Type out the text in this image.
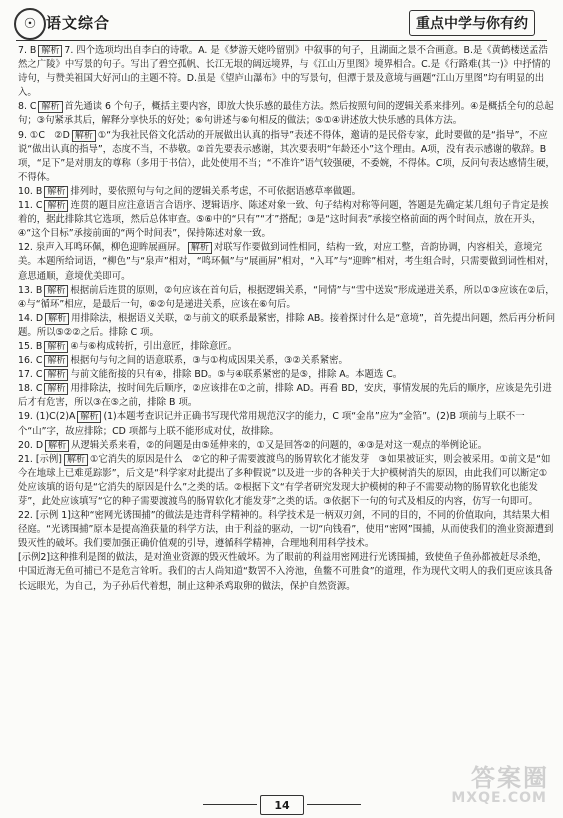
☉ 语文综合	重点中学与你有约

7. B 解析 7. 四个选项均出自李白的诗歌。A. 是《梦游天姥吟留别》中叙事的句子，且湖面之景不合画意。B.是《黄鹤楼送孟浩然之广陵》中写景的句子。写出了碧空孤帆、长江无垠的阔远境界，与《江山万里图》境界相合。C.是《行路难(其一)》中抒情的诗句，与赞美祖国大好河山的主题不符。D.虽是《望庐山瀑布》中的写景句，但潭于景及意境与画题“江山万里图”均有明显的出入。

8. C 解析 首先通读 6 个句子，概括主要内容，即放大快乐感的最佳方法。然后按照句间的逻辑关系来排列。④是概括全句的总起句；③句紧承其后，解释分享快乐的好处；⑥句讲述与⑥句相反的做法；⑤①④讲述放大快乐感的具体方法。

9. ①C　②D 解析 ①“为我社民俗文化活动的开展做出认真的指导”表述不得体，邀请的是民俗专家，此时要做的是“指导”，不应说“做出认真的指导”，态度不当，不恭敬。②首先要表示感谢，其次要表明“年龄还小”这个理由。A项，没有表示感谢的敬辞。B项，“足下”是对朋友的尊称（多用于书信），此处使用不当；“不准许”语气较强硬，不委婉，不得体。C项，反问句表达感情生硬，不得体。

10. B 解析 排列时，要依照句与句之间的逻辑关系考虑，不可依据语感草率做题。

11. C 解析 连贯的题目应注意语言合语序、逻辑语序、陈述对象一致、句子结构对称等问题，答题是先确定某几组句子肯定是挨着的，据此排除其它选项，然后总体审查。⑤⑥中的“只有”“才”搭配；③是“这时间表”承接空格前面的两个时间点，放在开头，④“这个目标”承接前面的“两个时间表”，保持陈述对象一致。

12. 泉声入耳鸣环佩，柳色迎眸展画屏。 解析 对联写作要做到词性相同，结构一致，对应工整，音韵协调，内容相关，意境完美。本题所给词语，“柳色”与“泉声”相对，“鸣环佩”与“展画屏”相对，“入耳”与“迎眸”相对，考生组合时，只需要做到词性相对，意思通顺，意境优美即可。

13. B 解析 根据前后连贯的原则，②句应该在首句后，根据逻辑关系，“同情”与“雪中送炭”形成递进关系，所以①③应该在②后，④与“循环”相应，是最后一句，⑥②句是递进关系，应该在⑥句后。

14. D 解析 用排除法，根据语义关联，②与前文的联系最紧密，排除 AB。接着探讨什么是“意境”，首先提出问题，然后再分析问题。所以⑤②②之后。排除 C 项。

15. B 解析 ④与⑥构成转折，引出意匠，排除意匠。

16. C 解析 根据句与句之间的语意联系，③与①构成因果关系，③②关系紧密。

17. C 解析 与前文能衔接的只有④，排除 BD。⑤与④联系紧密的是⑤，排除 A。本题选 C。

18. C 解析 用排除法，按时间先后顺序，②应该排在①之前，排除 AD。再看 BD，安庆，事情发展的先后的顺序，应该是先引进后才有危害，所以③在⑤之前，排除 B 项。

19. (1)C(2)A 解析 (1)本题考查识记并正确书写现代常用规范汉字的能力，C 项“金帛”应为“金箔”。(2)B 项前与上联不一个“山”字，故应排除；CD 项都与上联不能形成对仗，故排除。

20. D 解析 从逻辑关系来看，②的问题是由⑤延伸来的，①又是回答②的问题的，④③是对这一观点的举例论证。

21. [示例] 解析 ①它消失的原因是什么　②它的种子需要渡渡鸟的肠胃软化才能发芽　③如果被证实，则会被采用。①前文是“如今在地球上已难觅踪影”，后文是“科学家对此提出了多种假说”以及进一步的各种关于大护模树消失的原因，由此我们可以断定①处应该填的语句是“它消失的原因是什么”之类的话。②根据下文“有学者研究发现大护模树的种子不需要动物的肠胃软化也能发芽”，此处应该填写“它的种子需要渡渡鸟的肠胃软化才能发芽”之类的话。③依据下一句的句式及相反的内容，仿写一句即可。

22. [示例 1]这种“密网光诱围捕”的做法是违背科学精神的。科学技术是一柄双刃剑，不同的目的，不同的价值取向，其结果大相径庭。“光诱围捕”原本是提高渔获量的科学方法，由于利益的驱动，一切“向钱看”，使用“密网”围捕，从而使我们的渔业资源遭到毁灭性的破坏。我们要加强正确价值观的引导，遵循科学精神，合理地利用科学技术。

[示例2]这种推利是图的做法，是对渔业资源的毁灭性破坏。为了眼前的利益用密网进行光诱围捕，致使鱼子鱼孙都被赶尽杀绝，中国近海无鱼可捕已不是危言耸听。我们的古人尚知道“数罟不入洿池，鱼鳖不可胜食”的道理，作为现代文明人的我们更应该具备长远眼光，为自己，为子孙后代着想，制止这种杀鸡取卵的做法，保护自然资源。

14
答案圈
MXQE.COM
